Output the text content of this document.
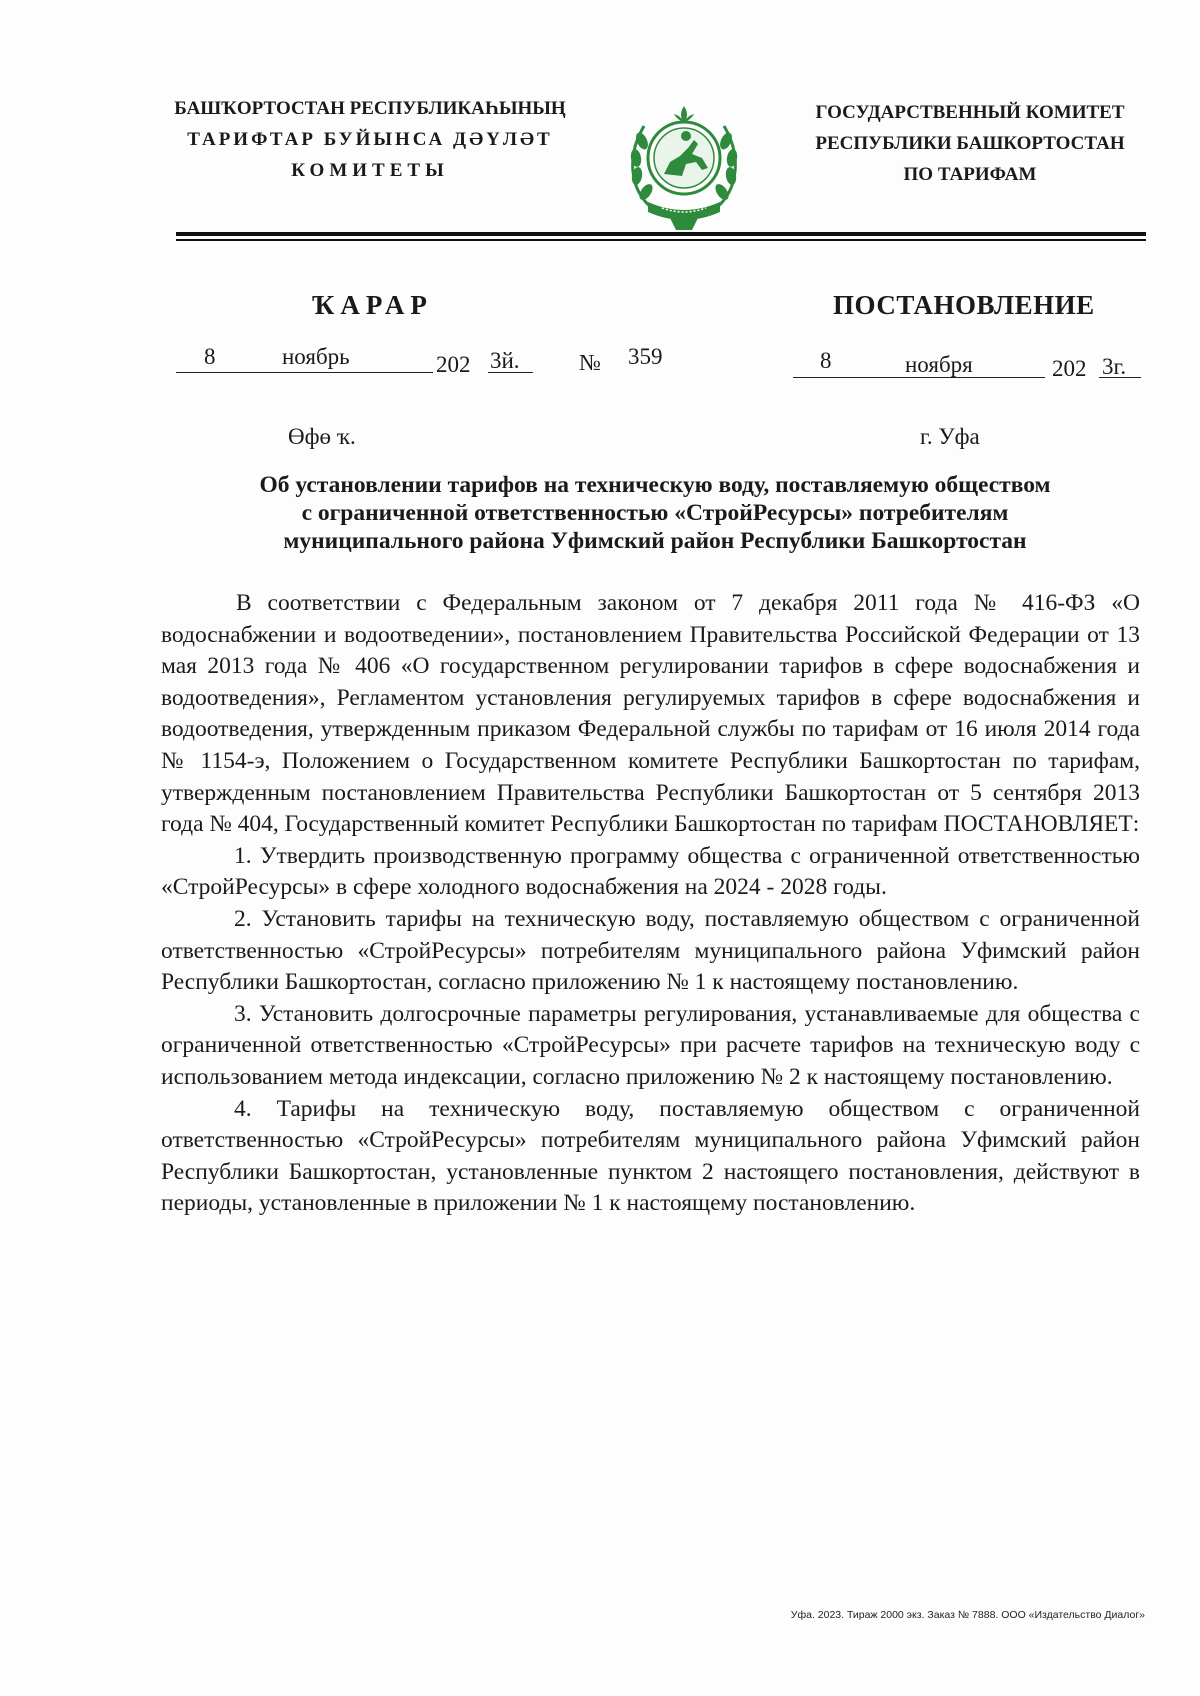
БАШҠОРТОСТАН РЕСПУБЛИКАҺЫНЫҢ
ТАРИФТАР БУЙЫНСА ДӘҮЛӘТ
КОМИТЕТЫ
ГОСУДАРСТВЕННЫЙ КОМИТЕТ
РЕСПУБЛИКИ БАШКОРТОСТАН
ПО ТАРИФАМ
ҠАРАР	ПОСТАНОВЛЕНИЕ
8	ноябрь	202 3й.	№ 359	8	ноября	202 3г.
Өфө ҡ.	г. Уфа
Об установлении тарифов на техническую воду, поставляемую обществом
с ограниченной ответственностью «СтройРесурсы» потребителям
муниципального района Уфимский район Республики Башкортостан

В соответствии с Федеральным законом от 7 декабря 2011 года № 416-ФЗ «О водоснабжении и водоотведении», постановлением Правительства Российской Федерации от 13 мая 2013 года № 406 «О государственном регулировании тарифов в сфере водоснабжения и водоотведения», Регламентом установления регулируемых тарифов в сфере водоснабжения и водоотведения, утвержденным приказом Федеральной службы по тарифам от 16 июля 2014 года № 1154-э, Положением о Государственном комитете Республики Башкортостан по тарифам, утвержденным постановлением Правительства Республики Башкортостан от 5 сентября 2013 года № 404, Государственный комитет Республики Башкортостан по тарифам ПОСТАНОВЛЯЕТ:

1. Утвердить производственную программу общества с ограниченной ответственностью «СтройРесурсы» в сфере холодного водоснабжения на 2024 - 2028 годы.

2. Установить тарифы на техническую воду, поставляемую обществом с ограниченной ответственностью «СтройРесурсы» потребителям муниципального района Уфимский район Республики Башкортостан, согласно приложению № 1 к настоящему постановлению.

3. Установить долгосрочные параметры регулирования, устанавливаемые для общества с ограниченной ответственностью «СтройРесурсы» при расчете тарифов на техническую воду с использованием метода индексации, согласно приложению № 2 к настоящему постановлению.

4. Тарифы на техническую воду, поставляемую обществом с ограниченной ответственностью «СтройРесурсы» потребителям муниципального района Уфимский район Республики Башкортостан, установленные пунктом 2 настоящего постановления, действуют в периоды, установленные в приложении № 1 к настоящему постановлению.

Уфа. 2023. Тираж 2000 экз. Заказ № 7888. ООО «Издательство Диалог»
